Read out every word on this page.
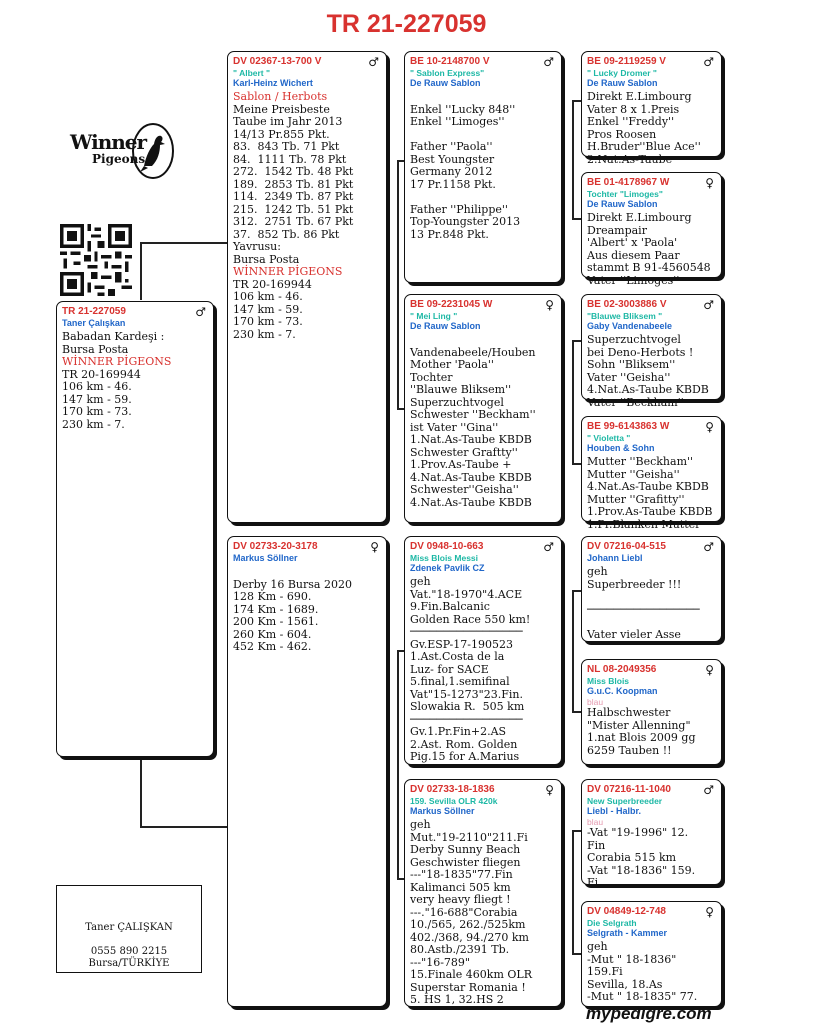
TR 21-227059
Winner
Pigeons
TR 21-227059	♂
Taner Çalışkan
Babadan Kardeşi :
Bursa Posta
WİNNER PİGEONS
TR 20-169944
106 km - 46.
147 km - 59.
170 km - 73.
230 km - 7.
DV 02367-13-700 V	♂
" Albert "
Karl-Heinz Wichert
Sablon / Herbots
Meine Preisbeste
Taube im Jahr 2013
14/13 Pr.855 Pkt.
83.  843 Tb. 71 Pkt
84.  1111 Tb. 78 Pkt
272.  1542 Tb. 48 Pkt
189.  2853 Tb. 81 Pkt
114.  2349 Tb. 87 Pkt
215.  1242 Tb. 51 Pkt
312.  2751 Tb. 67 Pkt
37.  852 Tb. 86 Pkt
Yavrusu:
Bursa Posta
WİNNER PİGEONS
TR 20-169944
106 km - 46.
147 km - 59.
170 km - 73.
230 km - 7.
DV 02733-20-3178	♀
Markus Söllner

Derby 16 Bursa 2020
128 Km - 690.
174 Km - 1689.
200 Km - 1561.
260 Km - 604.
452 Km - 462.
BE 10-2148700 V	♂
" Sablon Express"
De Rauw Sablon

Enkel ''Lucky 848''
Enkel ''Limoges''

Father ''Paola''
Best Youngster
Germany 2012
17 Pr.1158 Pkt.

Father ''Philippe''
Top-Youngster 2013
13 Pr.848 Pkt.
BE 09-2231045 W	♀
" Mei Ling "
De Rauw Sablon

Vandenabeele/Houben
Mother 'Paola''
Tochter
''Blauwe Bliksem''
Superzuchtvogel
Schwester ''Beckham''
ist Vater ''Gina''
1.Nat.As-Taube KBDB
Schwester Graftty''
1.Prov.As-Taube +
4.Nat.As-Taube KBDB
Schwester''Geisha''
4.Nat.As-Taube KBDB
DV 0948-10-663	♂
Miss Blois Messi
Zdenek Pavlik CZ
geh
Vat."18-1970"4.ACE
9.Fin.Balcanic
Golden Race 550 km!
─────────────────
Gv.ESP-17-190523
1.Ast.Costa de la
Luz- for SACE
5.final,1.semifinal
Vat"15-1273"23.Fin.
Slowakia R.  505 km
─────────────────
Gv.1.Pr.Fin+2.AS
2.Ast. Rom. Golden
Pig.15 for A.Marius
DV 02733-18-1836	♀
159. Sevilla OLR 420k
Markus Söllner
geh
Mut."19-2110"211.Fi
Derby Sunny Beach
Geschwister fliegen
---"18-1835"77.Fin
Kalimanci 505 km
very heavy fliegt !
---."16-688"Corabia
10./565, 262./525km
402./368, 94./270 km
80.Astb./2391 Tb.
---"16-789"
15.Finale 460km OLR
Superstar Romania !
5. HS 1, 32.HS 2
BE 09-2119259 V	♂
" Lucky Dromer "
De Rauw Sablon
Direkt E.Limbourg
Vater 8 x 1.Preis
Enkel ''Freddy''
Pros Roosen
H.Bruder''Blue Ace''
2.Nat.As-Taube
BE 01-4178967 W	♀
Tochter "Limoges"
De Rauw Sablon
Direkt E.Limbourg
Dreampair
'Albert' x 'Paola'
Aus diesem Paar
stammt B 91-4560548
Vater ''Limoges''
BE 02-3003886 V	♂
"Blauwe Bliksem "
Gaby Vandenabeele
Superzuchtvogel
bei Deno-Herbots !
Sohn ''Bliksem''
Vater ''Geisha''
4.Nat.As-Taube KBDB
Vater ''Beckham''
BE 99-6143863 W	♀
" Violetta "
Houben & Sohn
Mutter ''Beckham''
Mutter ''Geisha''
4.Nat.As-Taube KBDB
Mutter ''Grafitty''
1.Prov.As-Taube KBDB
1.Pr.Blanken Mutter
DV 07216-04-515	♂
Johann Liebl
geh
Superbreeder !!!

─────────────────

Vater vieler Asse
NL 08-2049356	♀
Miss Blois
G.u.C. Koopman
blau
Halbschwester
"Mister Allenning"
1.nat Blois 2009 gg
6259 Tauben !!
DV 07216-11-1040	♂
New Superbreeder
Liebl - Halbr.
blau
-Vat "19-1996" 12.
Fin
Corabia 515 km
-Vat "18-1836" 159.
Fi
DV 04849-12-748	♀
Die Selgrath
Selgrath - Kammer
geh
-Mut " 18-1836"
159.Fi
Sevilla, 18.As
-Mut " 18-1835" 77.
Taner ÇALIŞKAN
0555 890 2215
Bursa/TÜRKİYE
mypedigre.com
